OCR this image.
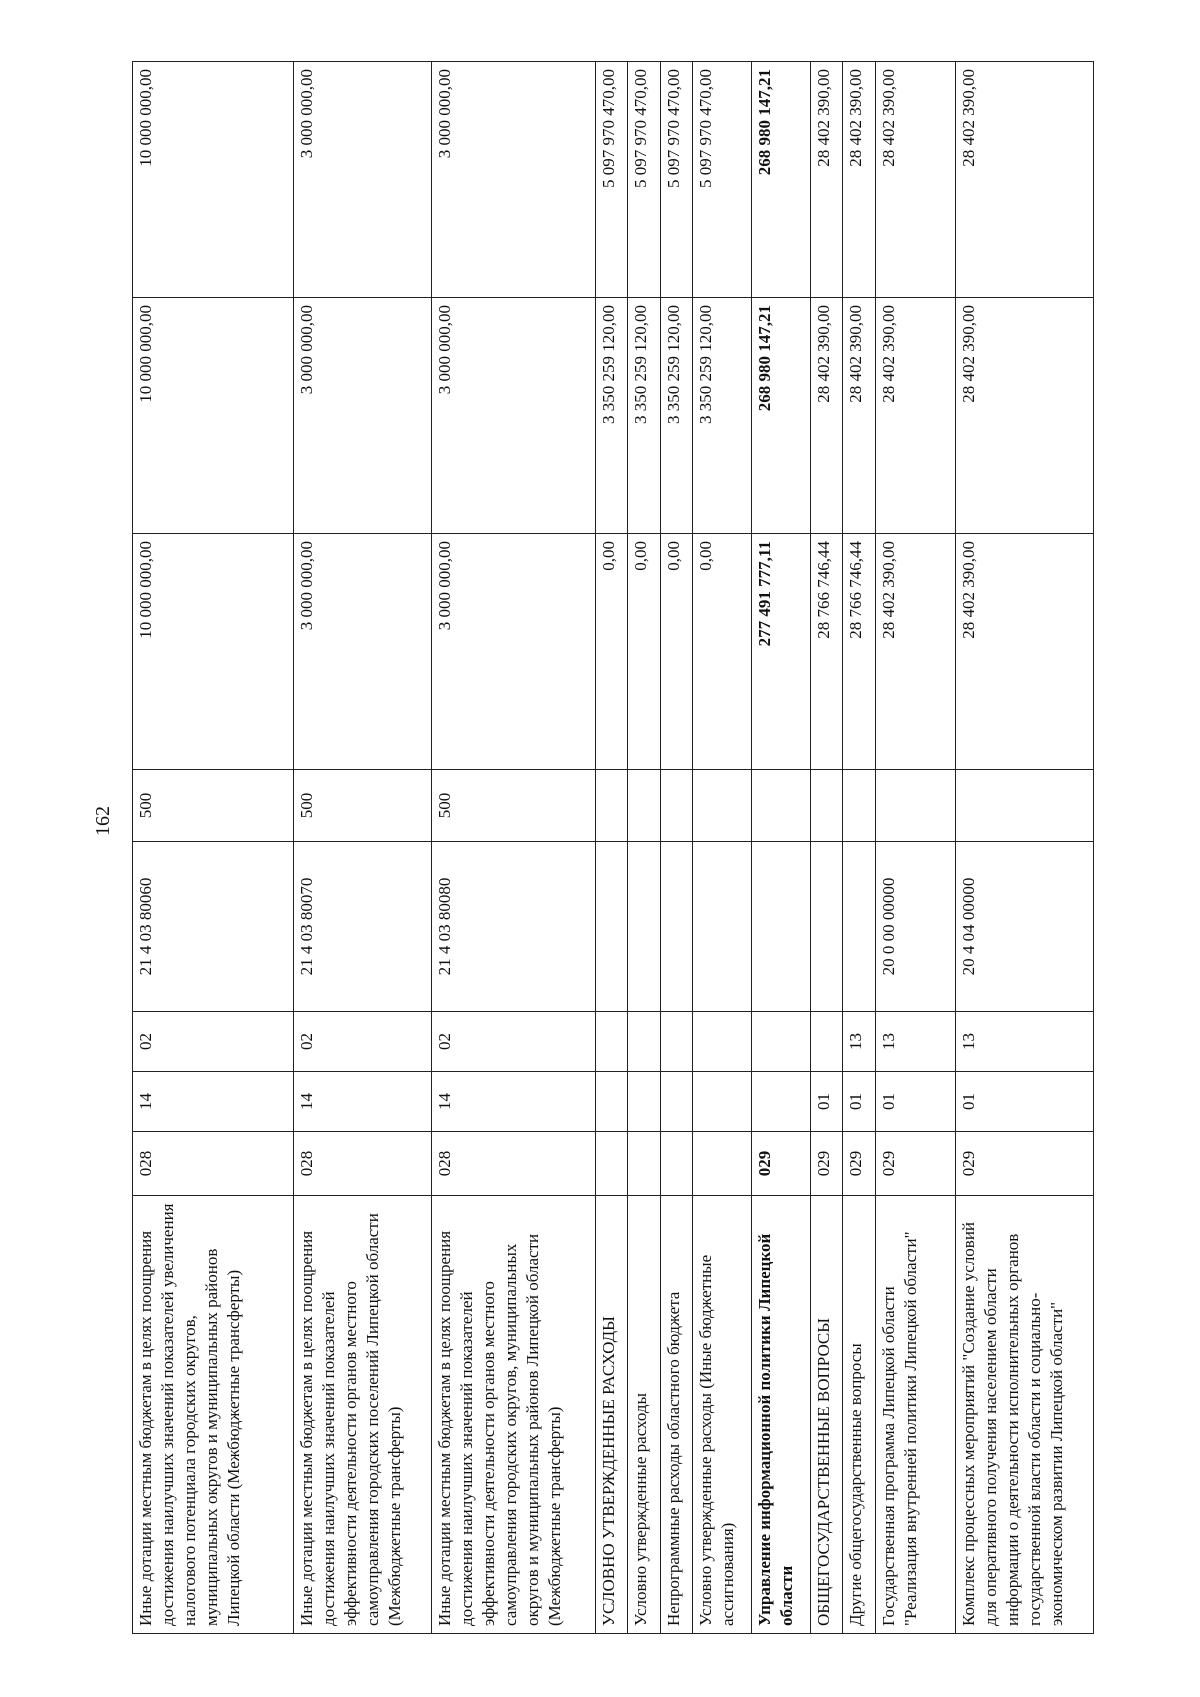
162
Иные дотации местным бюджетам в целях поощрения достижения наилучших значений показателей увеличения налогового потенциала городских округов, муниципальных округов и муниципальных районов Липецкой области (Межбюджетные трансферты)	028	14	02	21 4 03 80060	500	10 000 000,00	10 000 000,00	10 000 000,00
Иные дотации местным бюджетам в целях поощрения достижения наилучших значений показателей эффективности деятельности органов местного самоуправления городских поселений Липецкой области (Межбюджетные трансферты)	028	14	02	21 4 03 80070	500	3 000 000,00	3 000 000,00	3 000 000,00
Иные дотации местным бюджетам в целях поощрения достижения наилучших значений показателей эффективности деятельности органов местного самоуправления городских округов, муниципальных округов и муниципальных районов Липецкой области (Межбюджетные трансферты)	028	14	02	21 4 03 80080	500	3 000 000,00	3 000 000,00	3 000 000,00
УСЛОВНО УТВЕРЖДЕННЫЕ РАСХОДЫ						0,00	3 350 259 120,00	5 097 970 470,00
Условно утвержденные расходы						0,00	3 350 259 120,00	5 097 970 470,00
Непрограммные расходы областного бюджета						0,00	3 350 259 120,00	5 097 970 470,00
Условно утвержденные расходы (Иные бюджетные ассигнования)						0,00	3 350 259 120,00	5 097 970 470,00
Управление информационной политики Липецкой области	029					277 491 777,11	268 980 147,21	268 980 147,21
ОБЩЕГОСУДАРСТВЕННЫЕ ВОПРОСЫ	029	01				28 766 746,44	28 402 390,00	28 402 390,00
Другие общегосударственные вопросы	029	01	13			28 766 746,44	28 402 390,00	28 402 390,00
Государственная программа Липецкой области "Реализация внутренней политики Липецкой области"	029	01	13	20 0 00 00000		28 402 390,00	28 402 390,00	28 402 390,00
Комплекс процессных мероприятий "Создание условий для оперативного получения населением области информации о деятельности исполнительных органов государственной власти области и социально-экономическом развитии Липецкой области"	029	01	13	20 4 04 00000		28 402 390,00	28 402 390,00	28 402 390,00
